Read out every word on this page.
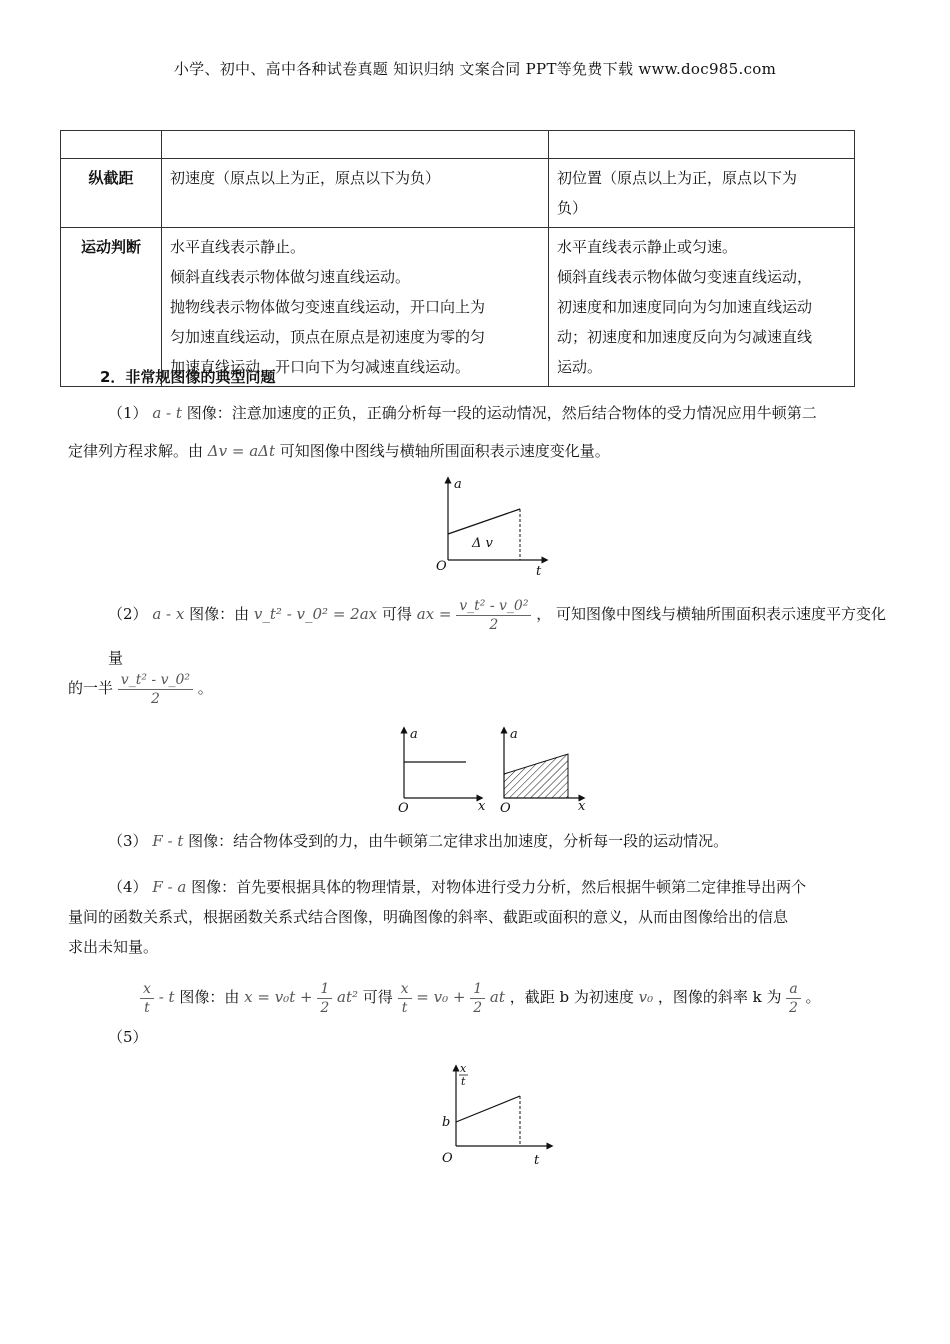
小学、初中、高中各种试卷真题 知识归纳 文案合同 PPT等免费下载 www.doc985.com

纵截距	初速度（原点以上为正，原点以下为负）	初位置（原点以上为正，原点以下为
负）

运动判断	水平直线表示静止。
倾斜直线表示物体做匀速直线运动。
抛物线表示物体做匀变速直线运动，开口向上为
匀加速直线运动，顶点在原点是初速度为零的匀
加速直线运动，开口向下为匀减速直线运动。	水平直线表示静止或匀速。
倾斜直线表示物体做匀变速直线运动，
初速度和加速度同向为匀加速直线运动
动；初速度和加速度反向为匀减速直线
运动。
2．非常规图像的典型问题
（1） a - t 图像：注意加速度的正负，正确分析每一段的运动情况，然后结合物体的受力情况应用牛顿第二
定律列方程求解。由 Δv = aΔt 可知图像中图线与横轴所围面积表示速度变化量。
a
t
O
Δ v
（2） a - x 图像：由 v_t² - v_0² = 2ax 可得 ax = $\frac{\text{v\_t² - v\_0²}}{2}$ ， 可知图像中图线与横轴所围面积表示速度平方变化量
的一半 $\frac{\text{v\_t² - v\_0²}}{2}$ 。
a
x
O
a
x
O
（3） F - t 图像：结合物体受到的力，由牛顿第二定律求出加速度，分析每一段的运动情况。
（4） F - a 图像：首先要根据具体的物理情景，对物体进行受力分析，然后根据牛顿第二定律推导出两个
量间的函数关系式，根据函数关系式结合图像，明确图像的斜率、截距或面积的意义，从而由图像给出的信息
求出未知量。
$\frac{x}{t}$ - t 图像：由 $x = v_0t + \frac{1}{2} at^2$ 可得 $\frac{x}{t} = v_0 + \frac{1}{2}$ at ，截距 b 为初速度 v₀ ，图像的斜率 k 为 $\frac{a}{2}$ 。
（5）
x
t
t
O
b
